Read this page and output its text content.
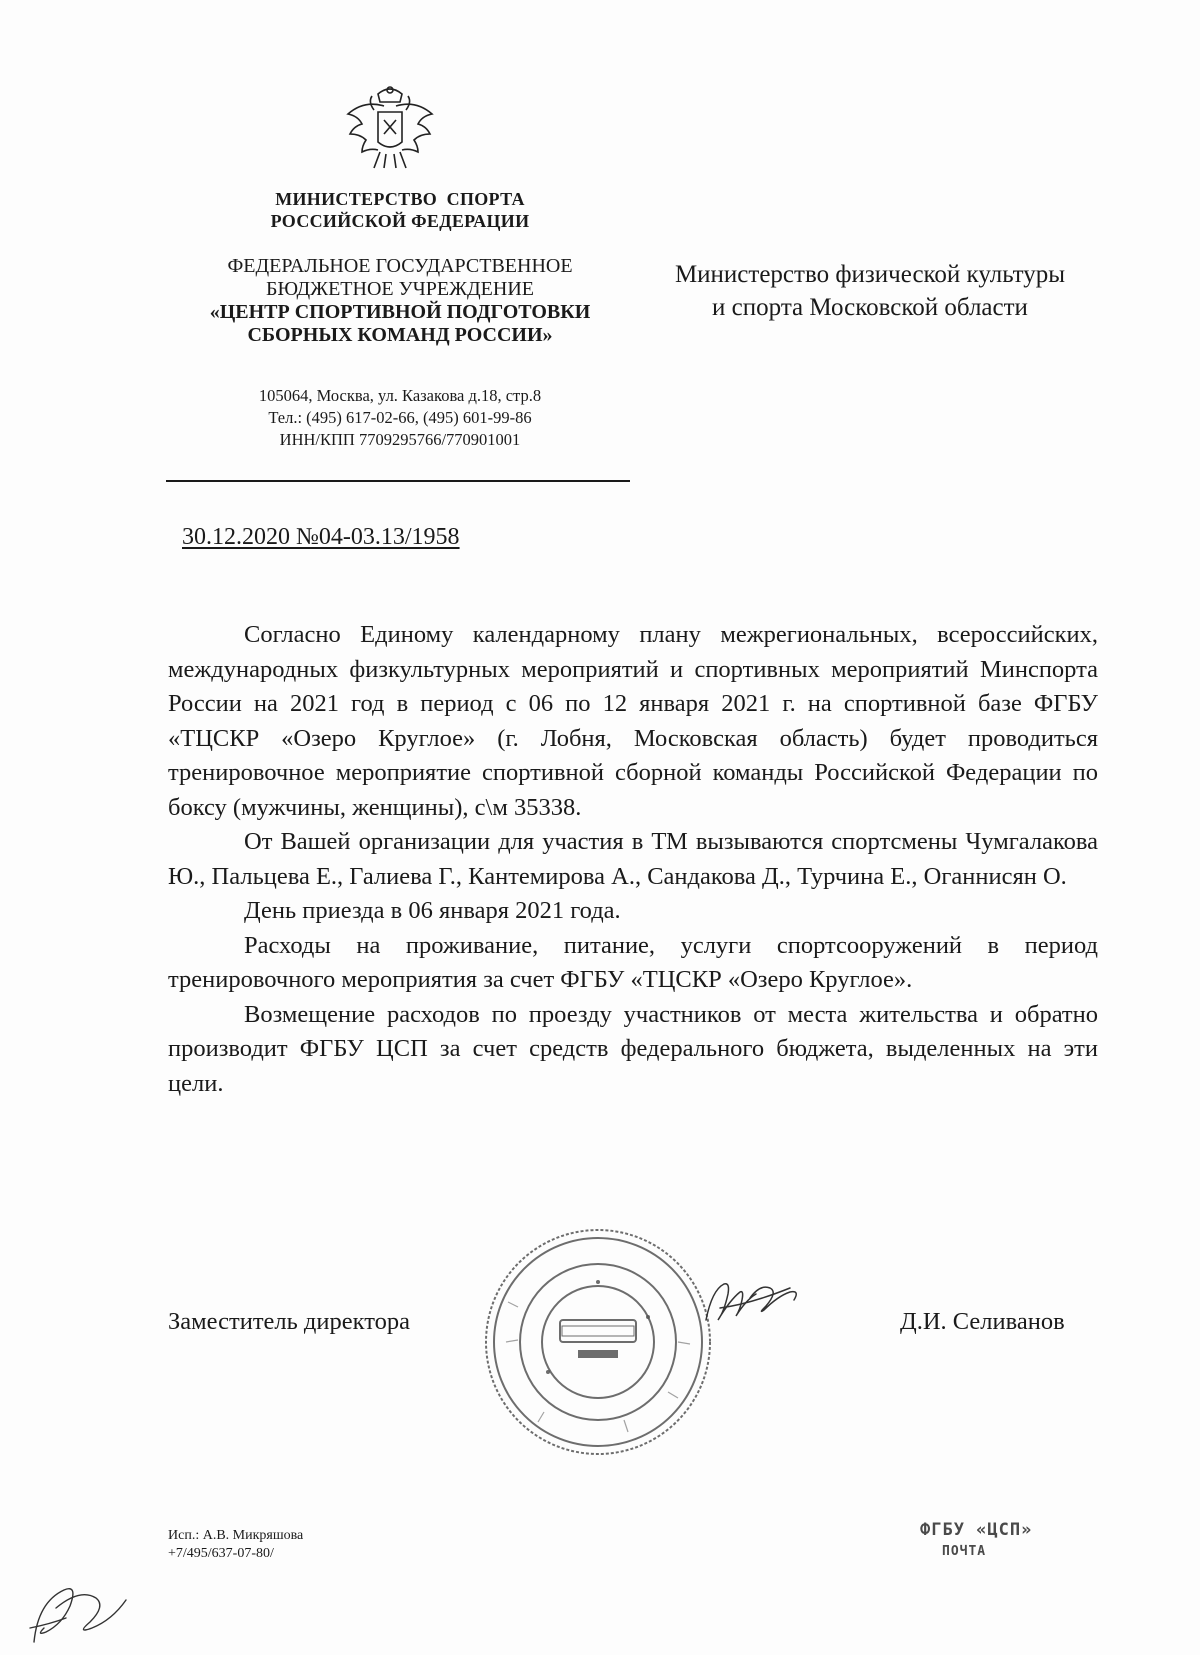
МИНИСТЕРСТВО  СПОРТА
РОССИЙСКОЙ ФЕДЕРАЦИИ
ФЕДЕРАЛЬНОЕ ГОСУДАРСТВЕННОЕ
БЮДЖЕТНОЕ УЧРЕЖДЕНИЕ
«ЦЕНТР СПОРТИВНОЙ ПОДГОТОВКИ
СБОРНЫХ КОМАНД РОССИИ»
105064, Москва, ул. Казакова д.18, стр.8
Тел.: (495) 617-02-66, (495) 601-99-86
ИНН/КПП 7709295766/770901001
Министерство физической культуры
и спорта Московской области
30.12.2020 №04-03.13/1958

Согласно Единому календарному плану межрегиональных, всероссийских, международных физкультурных мероприятий и спортивных мероприятий Минспорта России на 2021 год в период с 06 по 12 января 2021 г. на спортивной базе ФГБУ «ТЦСКР «Озеро Круглое» (г. Лобня, Московская область) будет проводиться тренировочное мероприятие спортивной сборной команды Российской Федерации по боксу (мужчины, женщины), с\м 35338.

От Вашей организации для участия в ТМ вызываются спортсмены Чумгалакова Ю., Пальцева Е., Галиева Г., Кантемирова А., Сандакова Д., Турчина Е., Оганнисян О.

День приезда в 06 января 2021 года.

Расходы на проживание, питание, услуги спортсооружений в период тренировочного мероприятия за счет ФГБУ «ТЦСКР «Озеро Круглое».

Возмещение расходов по проезду участников от места жительства и обратно производит ФГБУ ЦСП за счет средств федерального бюджета, выделенных на эти цели.

Заместитель директора	Д.И. Селиванов
Исп.: А.В. Микряшова
+7/495/637-07-80/
ФГБУ «ЦСП»
ПОЧТА
